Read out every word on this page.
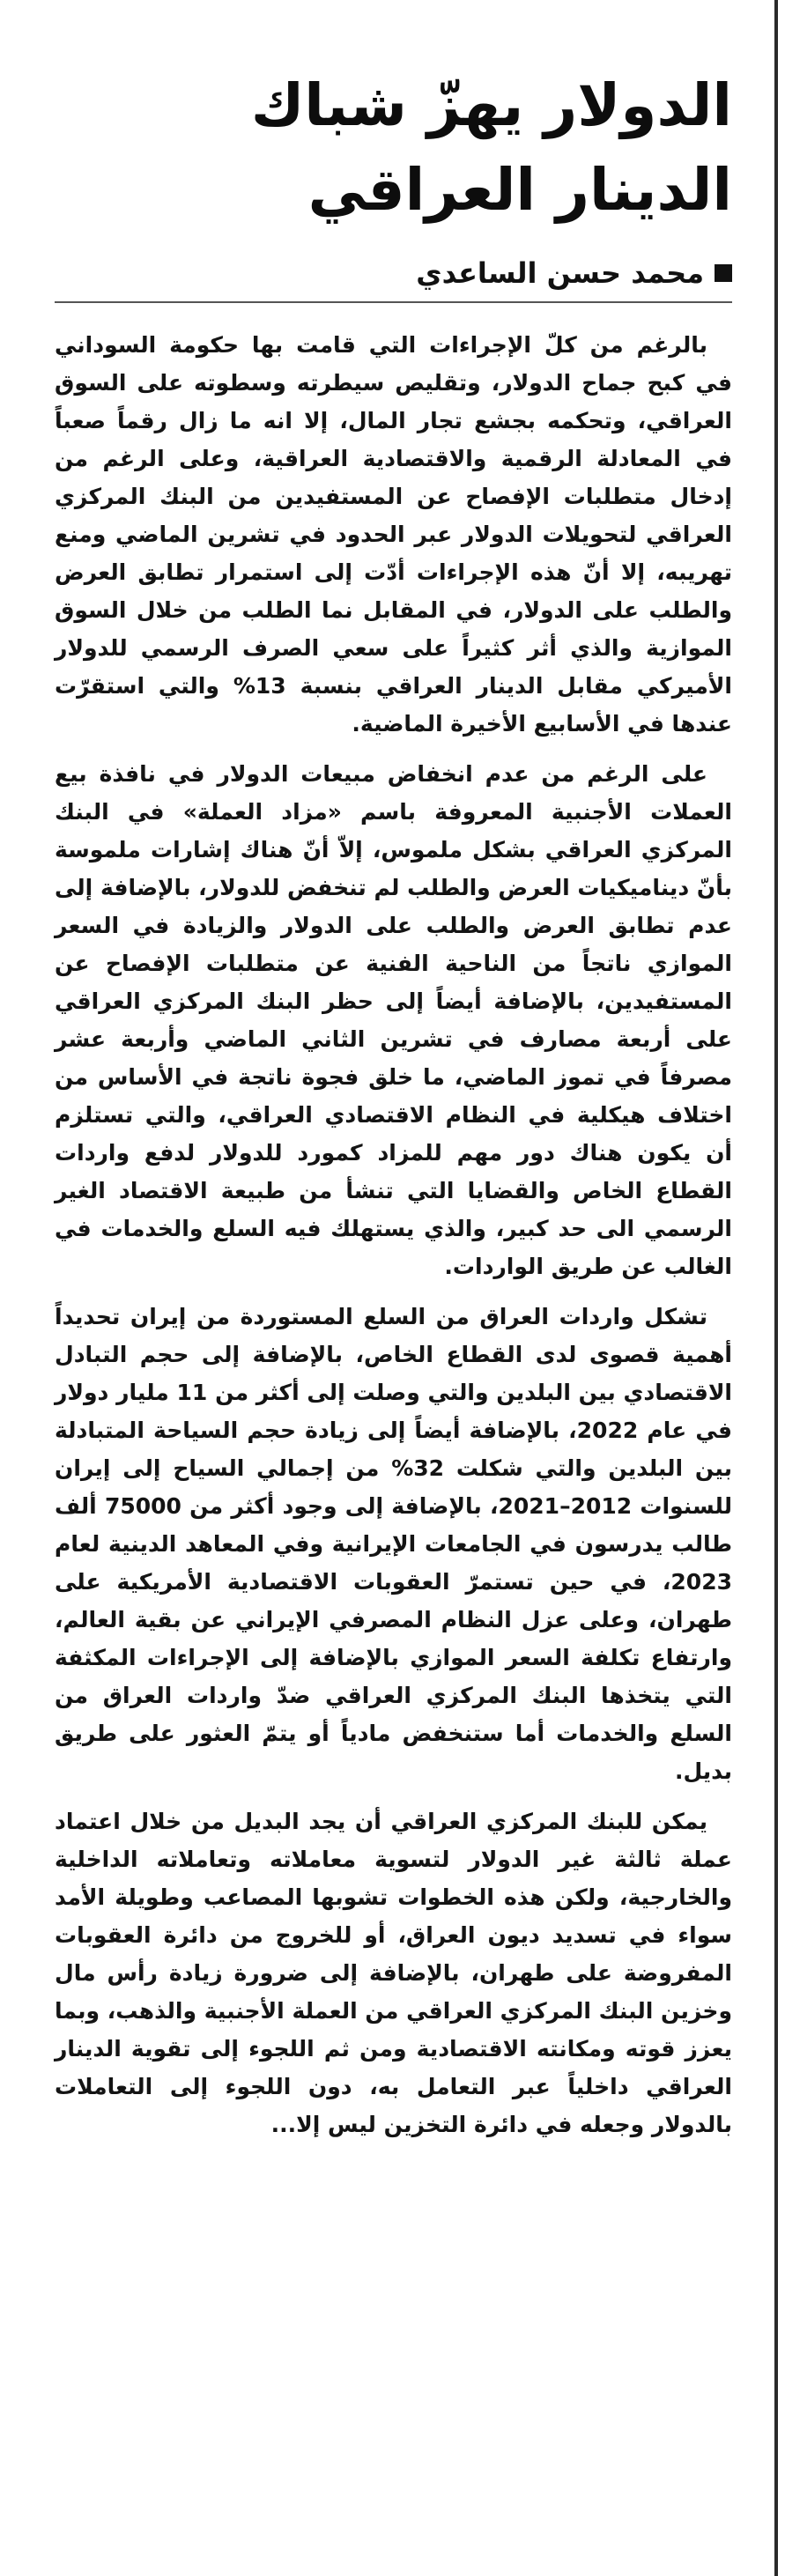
الدولار يهزّ شباك الدينار العراقي
محمد حسن الساعدي

بالرغم من كلّ الإجراءات التي قامت بها حكومة السوداني في كبح جماح الدولار، وتقليص سيطرته وسطوته على السوق العراقي، وتحكمه بجشع تجار المال، إلا انه ما زال رقماً صعباً في المعادلة الرقمية والاقتصادية العراقية، وعلى الرغم من إدخال متطلبات الإفصاح عن المستفيدين من البنك المركزي العراقي لتحويلات الدولار عبر الحدود في تشرين الماضي ومنع تهريبه، إلا أنّ هذه الإجراءات أدّت إلى استمرار تطابق العرض والطلب على الدولار، في المقابل نما الطلب من خلال السوق الموازية والذي أثر كثيراً على سعي الصرف الرسمي للدولار الأميركي مقابل الدينار العراقي بنسبة 13% والتي استقرّت عندها في الأسابيع الأخيرة الماضية.

على الرغم من عدم انخفاض مبيعات الدولار في نافذة بيع العملات الأجنبية المعروفة باسم «مزاد العملة» في البنك المركزي العراقي بشكل ملموس، إلاّ أنّ هناك إشارات ملموسة بأنّ ديناميكيات العرض والطلب لم تنخفض للدولار، بالإضافة إلى عدم تطابق العرض والطلب على الدولار والزيادة في السعر الموازي ناتجاً من الناحية الفنية عن متطلبات الإفصاح عن المستفيدين، بالإضافة أيضاً إلى حظر البنك المركزي العراقي على أربعة مصارف في تشرين الثاني الماضي وأربعة عشر مصرفاً في تموز الماضي، ما خلق فجوة ناتجة في الأساس من اختلاف هيكلية في النظام الاقتصادي العراقي، والتي تستلزم أن يكون هناك دور مهم للمزاد كمورد للدولار لدفع واردات القطاع الخاص والقضايا التي تنشأ من طبيعة الاقتصاد الغير الرسمي الى حد كبير، والذي يستهلك فيه السلع والخدمات في الغالب عن طريق الواردات.

تشكل واردات العراق من السلع المستوردة من إيران تحديداً أهمية قصوى لدى القطاع الخاص، بالإضافة إلى حجم التبادل الاقتصادي بين البلدين والتي وصلت إلى أكثر من 11 مليار دولار في عام 2022، بالإضافة أيضاً إلى زيادة حجم السياحة المتبادلة بين البلدين والتي شكلت 32% من إجمالي السياح إلى إيران للسنوات 2012–2021، بالإضافة إلى وجود أكثر من 75000 ألف طالب يدرسون في الجامعات الإيرانية وفي المعاهد الدينية لعام 2023، في حين تستمرّ العقوبات الاقتصادية الأمريكية على طهران، وعلى عزل النظام المصرفي الإيراني عن بقية العالم، وارتفاع تكلفة السعر الموازي بالإضافة إلى الإجراءات المكثفة التي يتخذها البنك المركزي العراقي ضدّ واردات العراق من السلع والخدمات أما ستنخفض مادياً أو يتمّ العثور على طريق بديل.

يمكن للبنك المركزي العراقي أن يجد البديل من خلال اعتماد عملة ثالثة غير الدولار لتسوية معاملاته وتعاملاته الداخلية والخارجية، ولكن هذه الخطوات تشوبها المصاعب وطويلة الأمد سواء في تسديد ديون العراق، أو للخروج من دائرة العقوبات المفروضة على طهران، بالإضافة إلى ضرورة زيادة رأس مال وخزين البنك المركزي العراقي من العملة الأجنبية والذهب، وبما يعزز قوته ومكانته الاقتصادية ومن ثم اللجوء إلى تقوية الدينار العراقي داخلياً عبر التعامل به، دون اللجوء إلى التعاملات بالدولار وجعله في دائرة التخزين ليس إلا...
